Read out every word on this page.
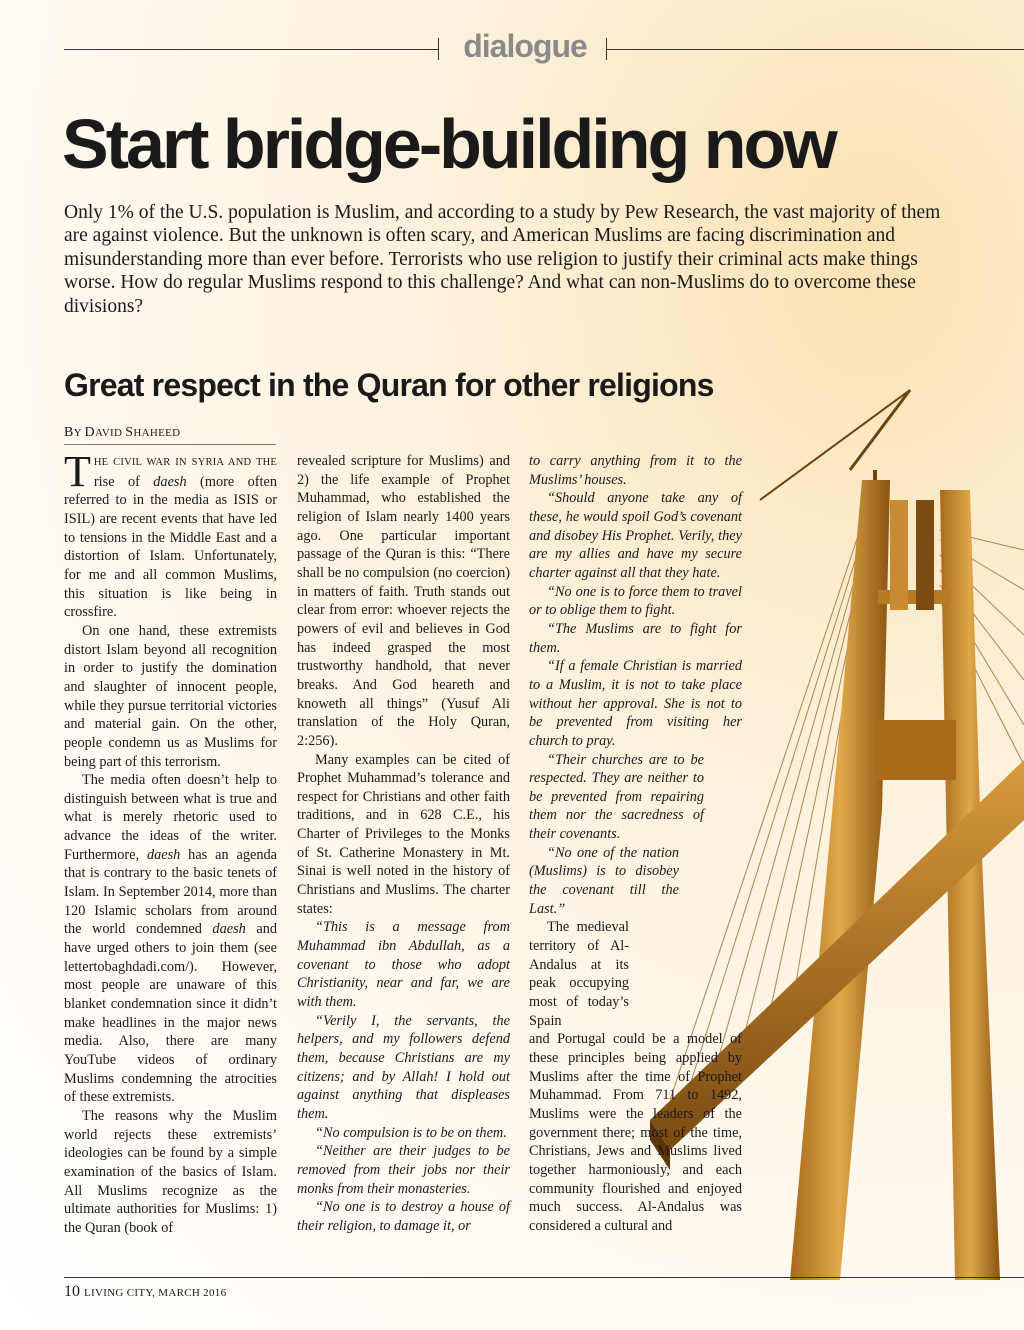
dialogue
Start bridge-building now

Only 1% of the U.S. population is Muslim, and according to a study by Pew Research, the vast majority of them are against violence. But the unknown is often scary, and American Muslims are facing discrimination and misunderstanding more than ever before. Terrorists who use religion to justify their criminal acts make things worse. How do regular Muslims respond to this challenge? And what can non-Muslims do to overcome these divisions?

Great respect in the Quran for other religions
BY DAVID SHAHEED

THE CIVIL WAR IN SYRIA AND THE rise of daesh (more often referred to in the media as ISIS or ISIL) are recent events that have led to tensions in the Middle East and a distortion of Islam. Unfortunately, for me and all common Muslims, this situation is like being in crossfire.

On one hand, these extremists distort Islam beyond all recognition in order to justify the domination and slaughter of innocent people, while they pursue territorial victories and material gain. On the other, people condemn us as Muslims for being part of this terrorism.

The media often doesn’t help to distinguish between what is true and what is merely rhetoric used to advance the ideas of the writer. Furthermore, daesh has an agenda that is contrary to the basic tenets of Islam. In September 2014, more than 120 Islamic scholars from around the world condemned daesh and have urged others to join them (see lettertobaghdadi.com/). However, most people are unaware of this blanket condemnation since it didn’t make headlines in the major news media. Also, there are many YouTube videos of ordinary Muslims condemning the atrocities of these extremists.

The reasons why the Muslim world rejects these extremists’ ideologies can be found by a simple examination of the basics of Islam. All Muslims recognize as the ultimate authorities for Muslims: 1) the Quran (book of

revealed scripture for Muslims) and 2) the life example of Prophet Muhammad, who established the religion of Islam nearly 1400 years ago. One particular important passage of the Quran is this: “There shall be no compulsion (no coercion) in matters of faith. Truth stands out clear from error: whoever rejects the powers of evil and believes in God has indeed grasped the most trustworthy handhold, that never breaks. And God heareth and knoweth all things” (Yusuf Ali translation of the Holy Quran, 2:256).

Many examples can be cited of Prophet Muhammad’s tolerance and respect for Christians and other faith traditions, and in 628 C.E., his Charter of Privileges to the Monks of St. Catherine Monastery in Mt. Sinai is well noted in the history of Christians and Muslims. The charter states:

“This is a message from Muhammad ibn Abdullah, as a covenant to those who adopt Christianity, near and far, we are with them.

“Verily I, the servants, the helpers, and my followers defend them, because Christians are my citizens; and by Allah! I hold out against anything that displeases them.

“No compulsion is to be on them.

“Neither are their judges to be removed from their jobs nor their monks from their monasteries.

“No one is to destroy a house of their religion, to damage it, or

to carry anything from it to the Muslims’ houses.

“Should anyone take any of these, he would spoil God’s covenant and disobey His Prophet. Verily, they are my allies and have my secure charter against all that they hate.

“No one is to force them to travel or to oblige them to fight.

“The Muslims are to fight for them.

“If a female Christian is married to a Muslim, it is not to take place without her approval. She is not to be prevented from visiting her church to pray.

“Their churches are to be respected. They are neither to be prevented from repairing them nor the sacredness of their covenants.

“No one of the nation (Muslims) is to disobey the covenant till the Last.”

The medieval territory of Al-Andalus at its peak occupying most of today’s Spain

and Portugal could be a model of these principles being applied by Muslims after the time of Prophet Muhammad. From 711 to 1492, Muslims were the leaders of the government there; most of the time, Christians, Jews and Muslims lived together harmoniously, and each community flourished and enjoyed much success. Al-Andalus was considered a cultural and

10 LIVING CITY, MARCH 2016
